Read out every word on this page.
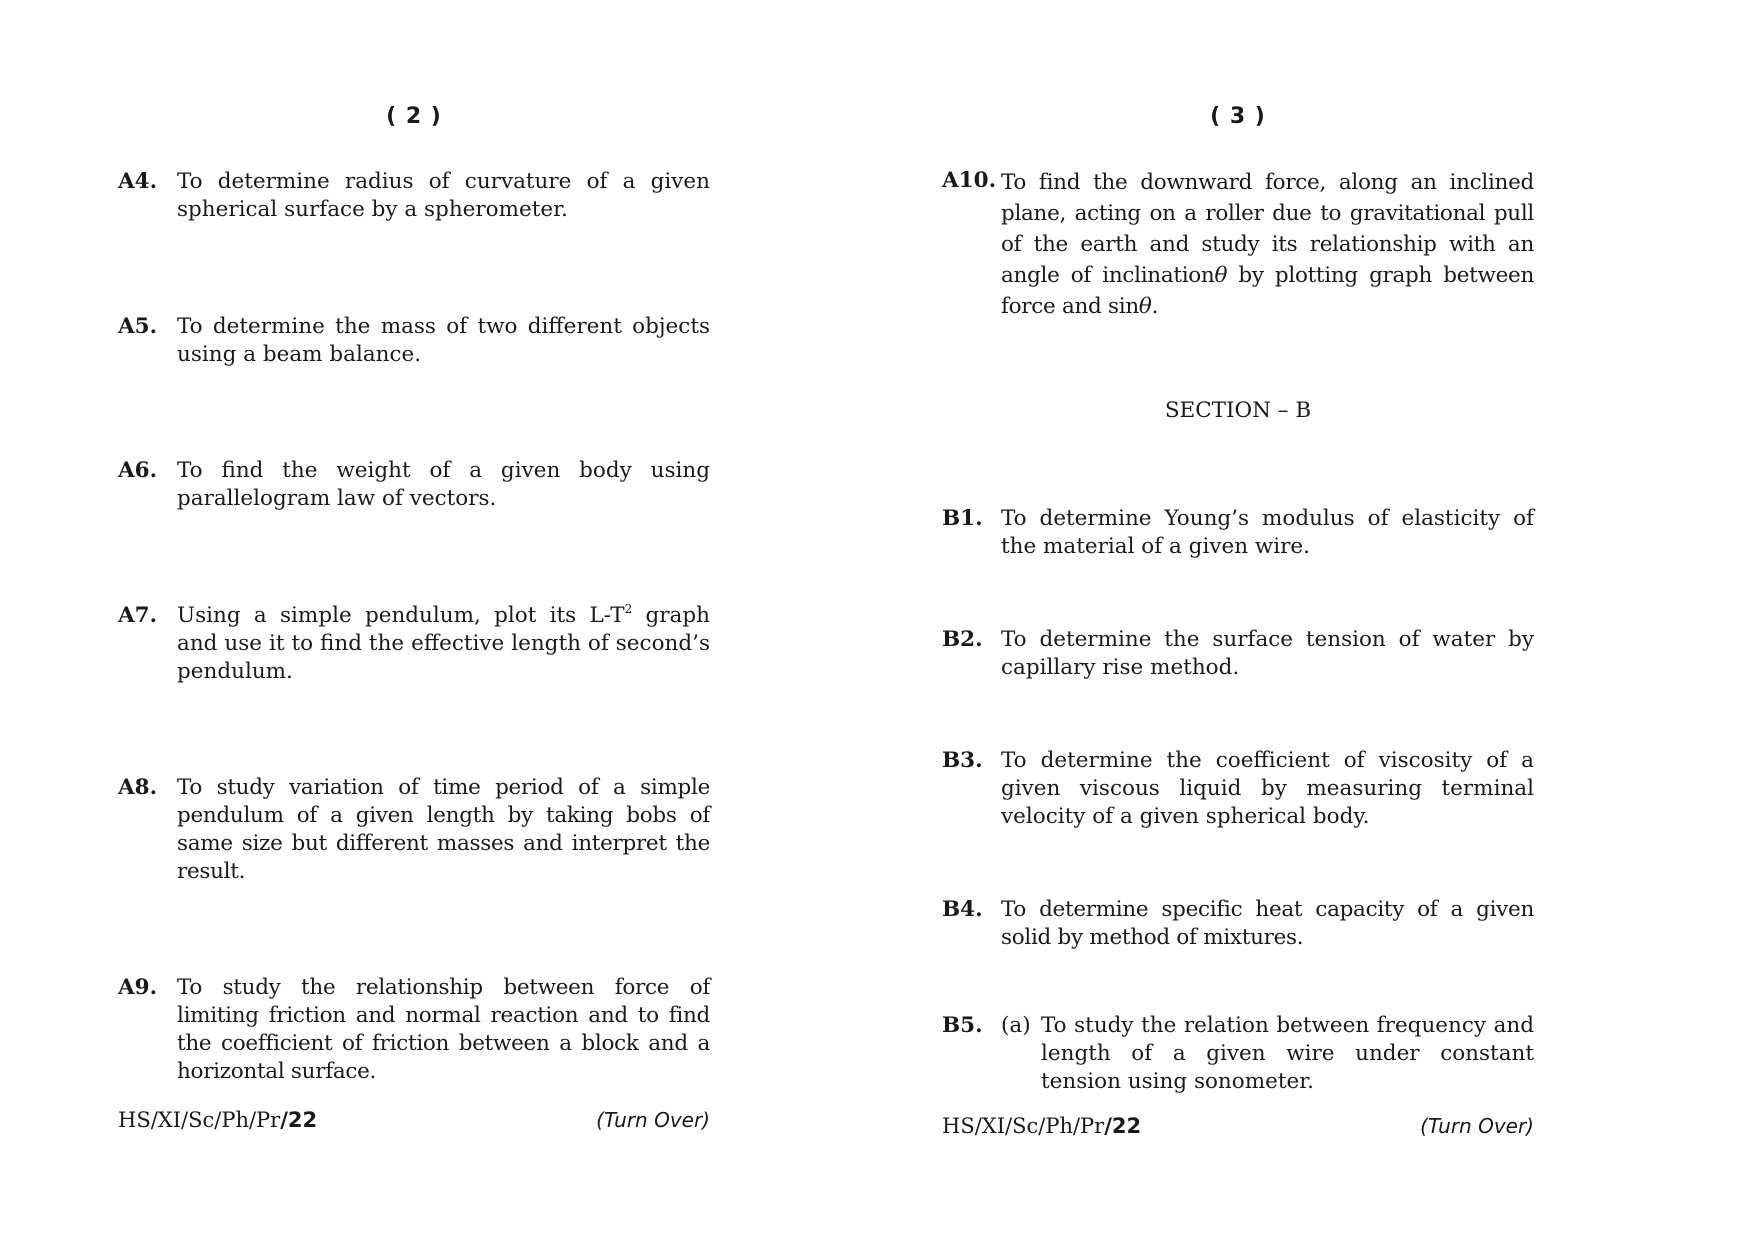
( 2 )
A4. To determine radius of curvature of a given spherical surface by a spherometer.
A5. To determine the mass of two different objects using a beam balance.
A6. To find the weight of a given body using parallelogram law of vectors.
A7. Using a simple pendulum, plot its $L-T^2$ graph and use it to find the effective length of second’s pendulum.
A8. To study variation of time period of a simple pendulum of a given length by taking bobs of same size but different masses and interpret the result.
A9. To study the relationship between force of limiting friction and normal reaction and to find the coefficient of friction between a block and a horizontal surface.
HS/XI/Sc/Ph/Pr/22	(Turn Over)
( 3 )
A10. To find the downward force, along an inclined plane, acting on a roller due to gravitational pull of the earth and study its relationship with an angle of inclinationθ by plotting graph between force and sinθ.
SECTION – B
B1. To determine Young’s modulus of elasticity of the material of a given wire.
B2. To determine the surface tension of water by capillary rise method.
B3. To determine the coefficient of viscosity of a given viscous liquid by measuring terminal velocity of a given spherical body.
B4. To determine specific heat capacity of a given solid by method of mixtures.
B5. (a) To study the relation between frequency and length of a given wire under constant tension using sonometer.
HS/XI/Sc/Ph/Pr/22	(Turn Over)
